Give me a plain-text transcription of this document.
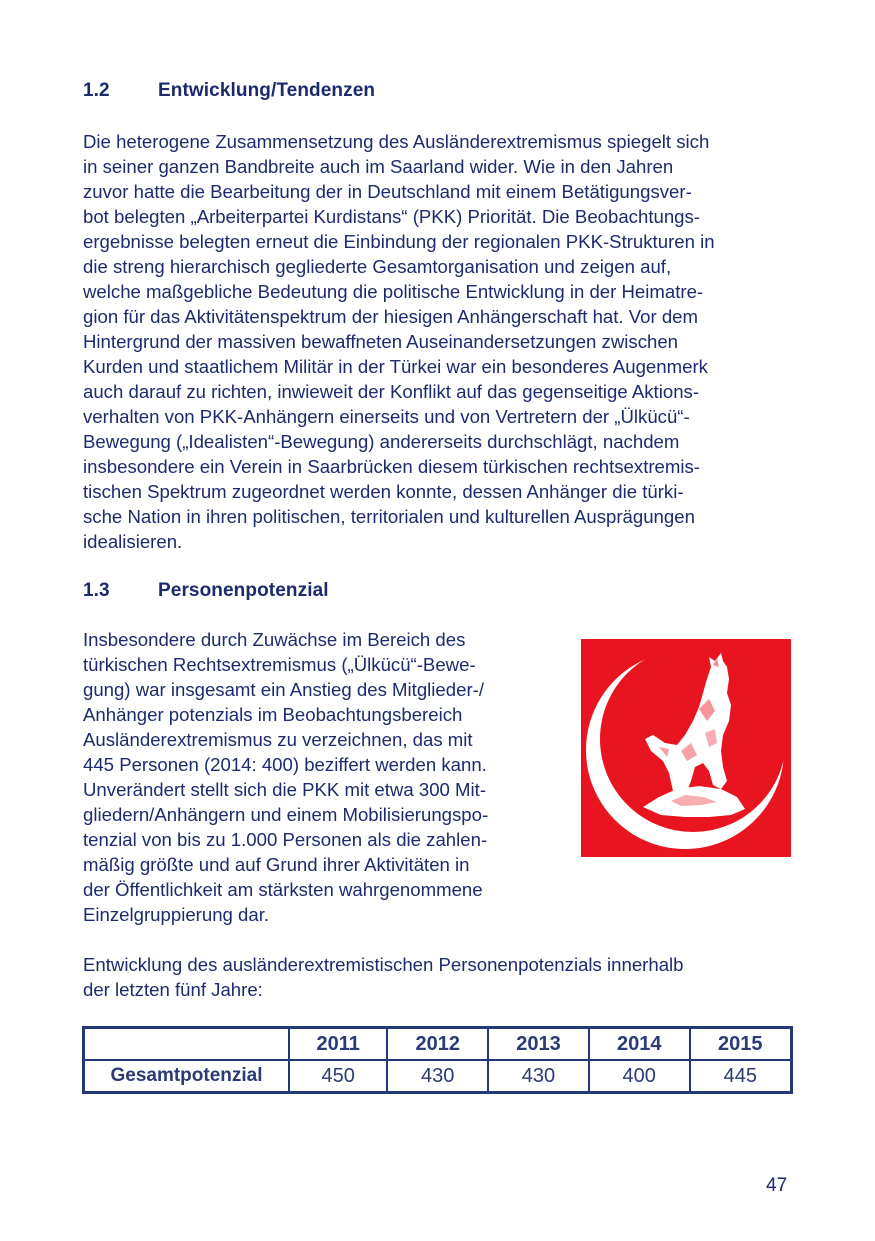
1.2	Entwicklung/Tendenzen

Die heterogene Zusammensetzung des Ausländerextremismus spiegelt sich
in seiner ganzen Bandbreite auch im Saarland wider. Wie in den Jahren
zuvor hatte die Bearbeitung der in Deutschland mit einem Betätigungsver-
bot belegten „Arbeiterpartei Kurdistans“ (PKK) Priorität. Die Beobachtungs-
ergebnisse belegten erneut die Einbindung der regionalen PKK-Strukturen in
die streng hierarchisch gegliederte Gesamtorganisation und zeigen auf,
welche maßgebliche Bedeutung die politische Entwicklung in der Heimatre-
gion für das Aktivitätenspektrum der hiesigen Anhängerschaft hat. Vor dem
Hintergrund der massiven bewaffneten Auseinandersetzungen zwischen
Kurden und staatlichem Militär in der Türkei war ein besonderes Augenmerk
auch darauf zu richten, inwieweit der Konflikt auf das gegenseitige Aktions-
verhalten von PKK-Anhängern einerseits und von Vertretern der „Ülkücü“-
Bewegung („Idealisten“-Bewegung) andererseits durchschlägt, nachdem
insbesondere ein Verein in Saarbrücken diesem türkischen rechtsextremis-
tischen Spektrum zugeordnet werden konnte, dessen Anhänger die türki-
sche Nation in ihren politischen, territorialen und kulturellen Ausprägungen
idealisieren.

1.3	Personenpotenzial

Insbesondere durch Zuwächse im Bereich des
türkischen Rechtsextremismus („Ülkücü“-Bewe-
gung) war insgesamt ein Anstieg des Mitglieder-/
Anhänger potenzials im Beobachtungsbereich
Ausländerextremismus zu verzeichnen, das mit
445 Personen (2014: 400) beziffert werden kann.
Unverändert stellt sich die PKK mit etwa 300 Mit-
gliedern/Anhängern und einem Mobilisierungspo-
tenzial von bis zu 1.000 Personen als die zahlen-
mäßig größte und auf Grund ihrer Aktivitäten in
der Öffentlichkeit am stärksten wahrgenommene
Einzelgruppierung dar.

Entwicklung des ausländerextremistischen Personenpotenzials innerhalb
der letzten fünf Jahre:

	2011	2012	2013	2014	2015
Gesamtpotenzial	450	430	430	400	445
47
